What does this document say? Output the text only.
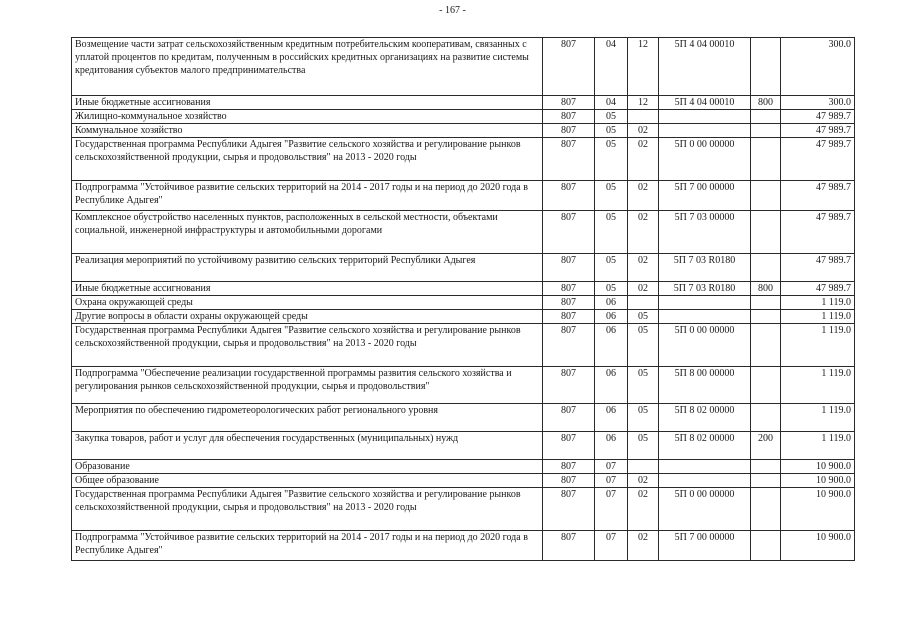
- 167 -
Возмещение части затрат сельскохозяйственным кредитным потребительским кооперативам, связанных с уплатой процентов по кредитам, полученным в российских кредитных организациях на развитие системы кредитования субъектов малого предпринимательства	807	04	12	5П 4 04 00010		300.0
Иные бюджетные ассигнования	807	04	12	5П 4 04 00010	800	300.0
Жилищно-коммунальное хозяйство	807	05				47 989.7
Коммунальное хозяйство	807	05	02			47 989.7
Государственная программа Республики Адыгея "Развитие сельского хозяйства и регулирование рынков сельскохозяйственной продукции, сырья и продовольствия" на 2013 - 2020 годы	807	05	02	5П 0 00 00000		47 989.7
Подпрограмма "Устойчивое развитие сельских территорий на 2014 - 2017 годы и на период до 2020 года в Республике Адыгея"	807	05	02	5П 7 00 00000		47 989.7
Комплексное обустройство населенных пунктов, расположенных в сельской местности, объектами социальной, инженерной инфраструктуры и автомобильными дорогами	807	05	02	5П 7 03 00000		47 989.7
Реализация мероприятий по устойчивому развитию сельских территорий Республики Адыгея	807	05	02	5П 7 03 R0180		47 989.7
Иные бюджетные ассигнования	807	05	02	5П 7 03 R0180	800	47 989.7
Охрана окружающей среды	807	06				1 119.0
Другие вопросы в области охраны окружающей среды	807	06	05			1 119.0
Государственная программа Республики Адыгея "Развитие сельского хозяйства и регулирование рынков сельскохозяйственной продукции, сырья и продовольствия" на 2013 - 2020 годы	807	06	05	5П 0 00 00000		1 119.0
Подпрограмма "Обеспечение реализации государственной программы развития сельского хозяйства и регулирования рынков сельскохозяйственной продукции, сырья и продовольствия"	807	06	05	5П 8 00 00000		1 119.0
Мероприятия по обеспечению гидрометеорологических работ регионального уровня	807	06	05	5П 8 02 00000		1 119.0
Закупка товаров, работ и услуг для обеспечения государственных (муниципальных) нужд	807	06	05	5П 8 02 00000	200	1 119.0
Образование	807	07				10 900.0
Общее образование	807	07	02			10 900.0
Государственная программа Республики Адыгея "Развитие сельского хозяйства и регулирование рынков сельскохозяйственной продукции, сырья и продовольствия" на 2013 - 2020 годы	807	07	02	5П 0 00 00000		10 900.0
Подпрограмма "Устойчивое развитие сельских территорий на 2014 - 2017 годы и на период до 2020 года в Республике Адыгея"	807	07	02	5П 7 00 00000		10 900.0
